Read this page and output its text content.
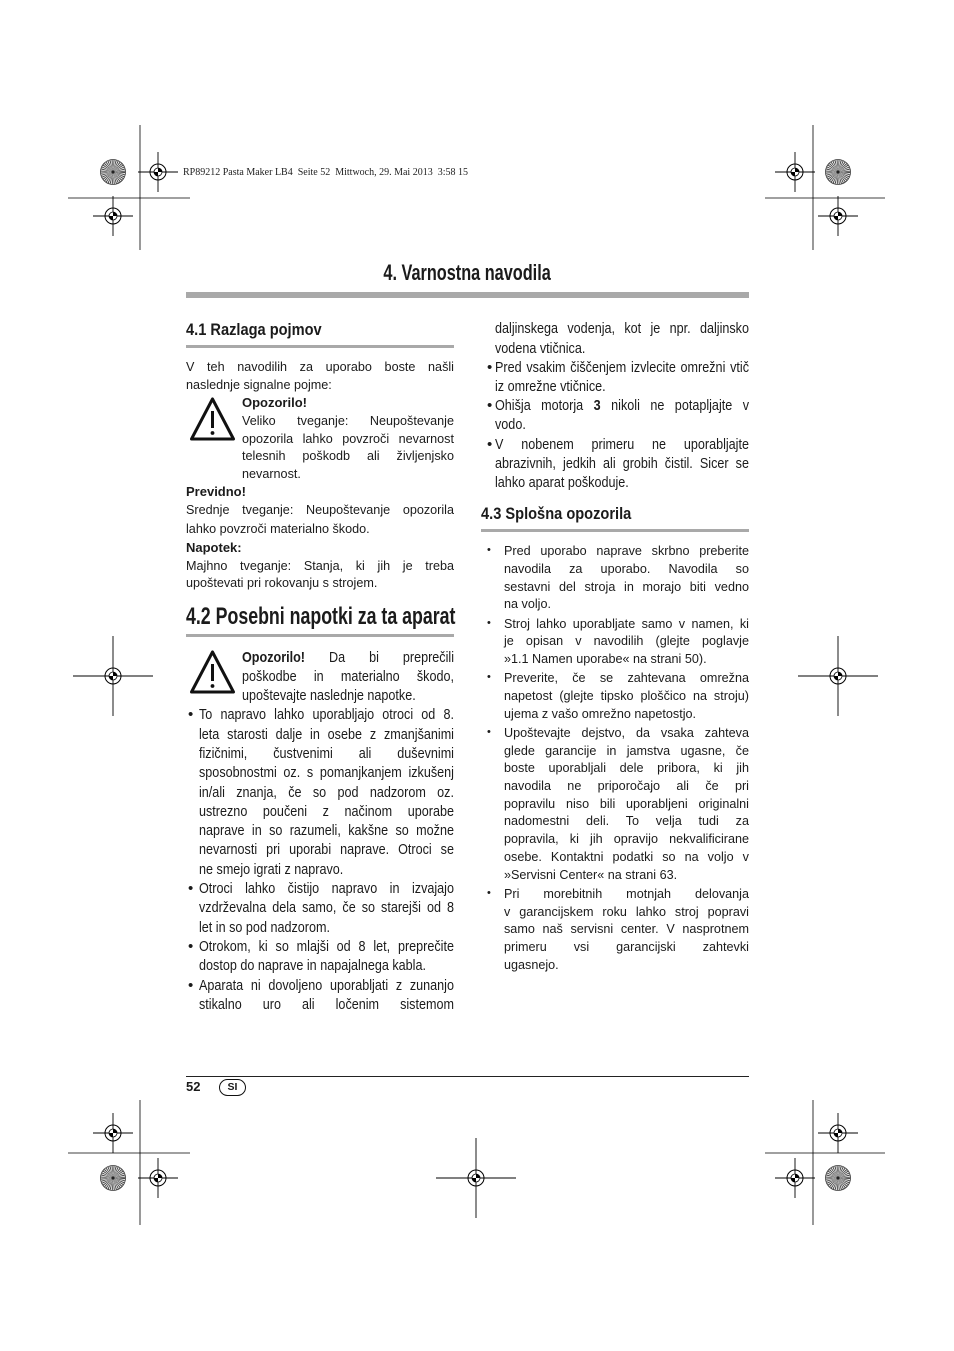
RP89212 Pasta Maker LB4  Seite 52  Mittwoch, 29. Mai 2013  3:58 15
4. Varnostna navodila
4.1 Razlaga pojmov
V teh navodilih za uporabo boste našli
naslednje signalne pojme:
Opozorilo!
Veliko tveganje: Neupoštevanje
opozorila lahko povzroči nevarnost
telesnih poškodb ali življenjsko
nevarnost.
Previdno!
Srednje tveganje: Neupoštevanje opozorila
lahko povzroči materialno škodo.
Napotek:
Majhno tveganje: Stanja, ki jih je treba
upoštevati pri rokovanju s strojem.
4.2 Posebni napotki za ta aparat
Opozorilo! Da bi preprečili
poškodbe in materialno škodo,
upoštevajte naslednje napotke.
• To napravo lahko uporabljajo otroci od 8.
leta starosti dalje in osebe z zmanjšanimi
fizičnimi, čustvenimi ali duševnimi
sposobnostmi oz. s pomanjkanjem izkušenj
in/ali znanja, če so pod nadzorom oz.
ustrezno poučeni z načinom uporabe
naprave in so razumeli, kakšne so možne
nevarnosti pri uporabi naprave. Otroci se
ne smejo igrati z napravo.
• Otroci lahko čistijo napravo in izvajajo
vzdrževalna dela samo, če so starejši od 8
let in so pod nadzorom.
• Otrokom, ki so mlajši od 8 let, preprečite
dostop do naprave in napajalnega kabla.
• Aparata ni dovoljeno uporabljati z zunanjo
stikalno uro ali ločenim sistemom
daljinskega vodenja, kot je npr. daljinsko
vodena vtičnica.
• Pred vsakim čiščenjem izvlecite omrežni vtič
iz omrežne vtičnice.
• Ohišja motorja 3 nikoli ne potapljajte v
vodo.
• V nobenem primeru ne uporabljajte
abrazivnih, jedkih ali grobih čistil. Sicer se
lahko aparat poškoduje.
4.3 Splošna opozorila
• Pred uporabo naprave skrbno preberite
navodila za uporabo. Navodila so
sestavni del stroja in morajo biti vedno
na voljo.
• Stroj lahko uporabljate samo v namen, ki
je opisan v navodilih (glejte poglavje
»1.1 Namen uporabe« na strani 50).
• Preverite, če se zahtevana omrežna
napetost (glejte tipsko ploščico na stroju)
ujema z vašo omrežno napetostjo.
• Upoštevajte dejstvo, da vsaka zahteva
glede garancije in jamstva ugasne, če
boste uporabljali dele pribora, ki jih
navodila ne priporočajo ali če pri
popravilu niso bili uporabljeni originalni
nadomestni deli. To velja tudi za
popravila, ki jih opravijo nekvalificirane
osebe. Kontaktni podatki so na voljo v
»Servisni Center« na strani 63.
• Pri morebitnih motnjah delovanja
v garancijskem roku lahko stroj popravi
samo naš servisni center. V nasprotnem
primeru vsi garancijski zahtevki
ugasnejo.
52	SI
